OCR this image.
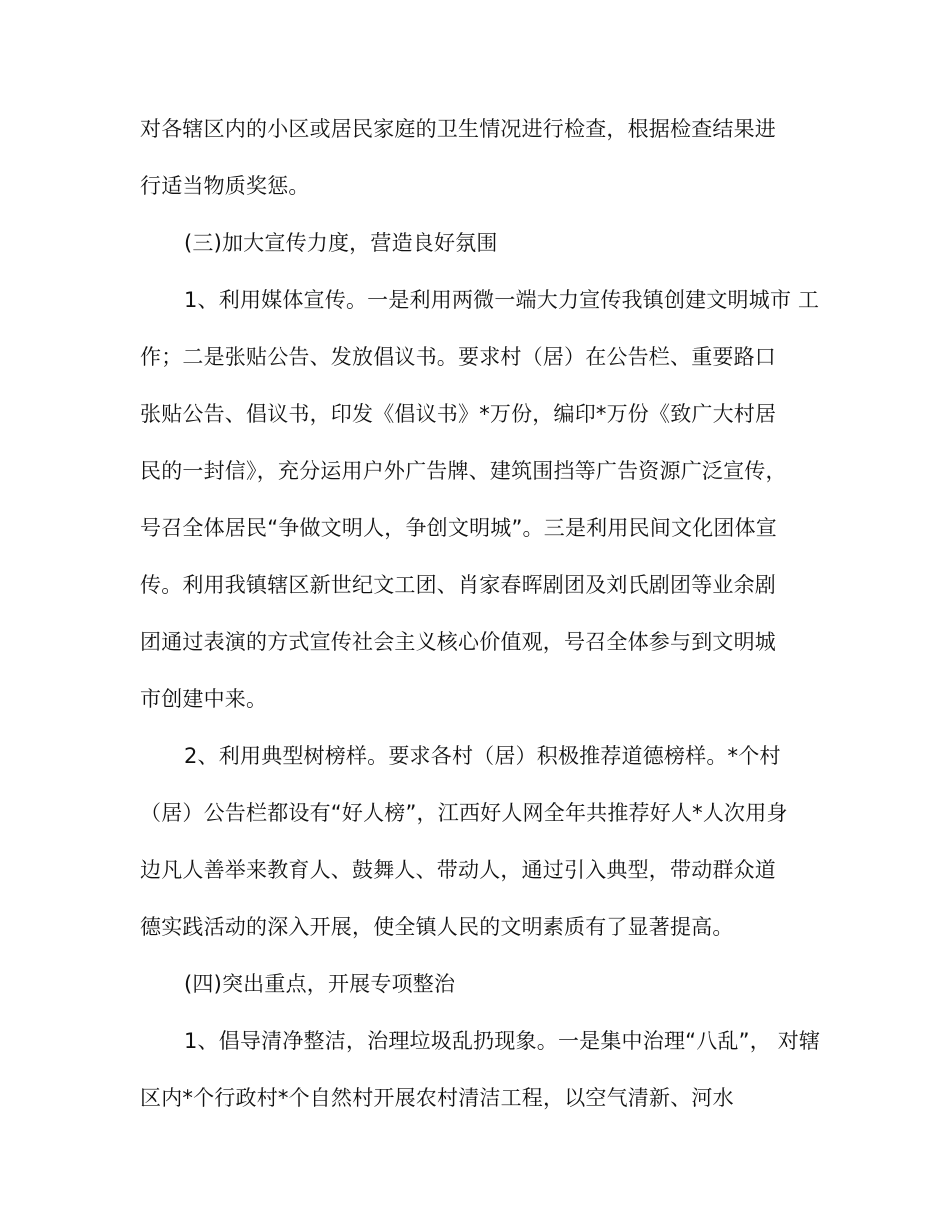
对各辖区内的小区或居民家庭的卫生情况进行检查，根据检查结果进
行适当物质奖惩。
(三)加大宣传力度，营造良好氛围
1、利用媒体宣传。一是利用两微一端大力宣传我镇创建文明城市 工
作；二是张贴公告、发放倡议书。要求村（居）在公告栏、重要路口
张贴公告、倡议书，印发《倡议书》*万份，编印*万份《致广大村居
民的一封信》，充分运用户外广告牌、建筑围挡等广告资源广泛宣传，
号召全体居民“争做文明人，争创文明城”。三是利用民间文化团体宣
传。利用我镇辖区新世纪文工团、肖家春晖剧团及刘氏剧团等业余剧
团通过表演的方式宣传社会主义核心价值观，号召全体参与到文明城
市创建中来。
2、利用典型树榜样。要求各村（居）积极推荐道德榜样。*个村
（居）公告栏都设有“好人榜”，江西好人网全年共推荐好人*人次用身
边凡人善举来教育人、鼓舞人、带动人，通过引入典型，带动群众道
德实践活动的深入开展，使全镇人民的文明素质有了显著提高。
(四)突出重点，开展专项整治
1、倡导清净整洁，治理垃圾乱扔现象。一是集中治理“八乱”， 对辖
区内*个行政村*个自然村开展农村清洁工程，以空气清新、河水
